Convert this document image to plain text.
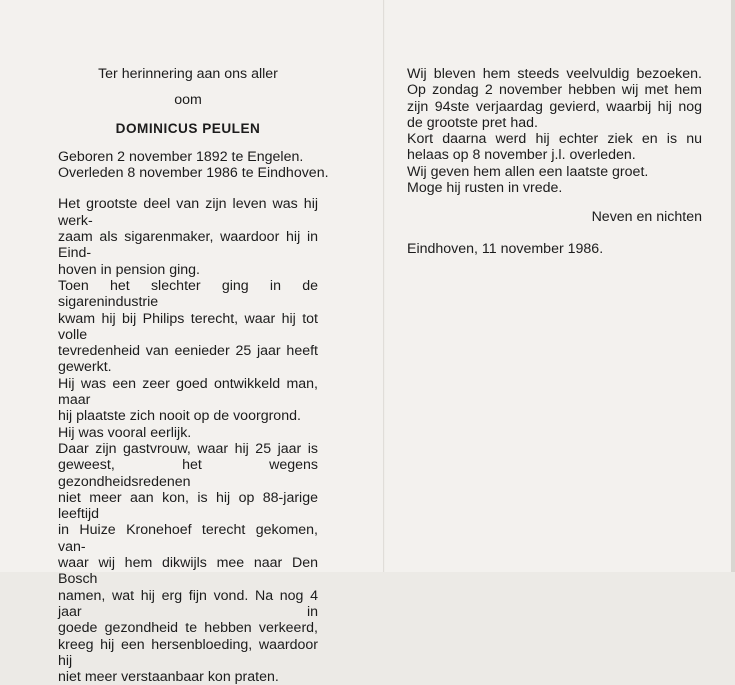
Ter herinnering aan ons aller
oom
DOMINICUS PEULEN
Geboren 2 november 1892 te Engelen.
Overleden 8 november 1986 te Eindhoven.
Het grootste deel van zijn leven was hij werk-
zaam als sigarenmaker, waardoor hij in Eind-
hoven in pension ging.
Toen het slechter ging in de sigarenindustrie
kwam hij bij Philips terecht, waar hij tot volle
tevredenheid van eenieder 25 jaar heeft
gewerkt.
Hij was een zeer goed ontwikkeld man, maar
hij plaatste zich nooit op de voorgrond.
Hij was vooral eerlijk.
Daar zijn gastvrouw, waar hij 25 jaar is
geweest, het wegens gezondheidsredenen
niet meer aan kon, is hij op 88-jarige leeftijd
in Huize Kronehoef terecht gekomen, van-
waar wij hem dikwijls mee naar Den Bosch
namen, wat hij erg fijn vond. Na nog 4 jaar in
goede gezondheid te hebben verkeerd,
kreeg hij een hersenbloeding, waardoor hij
niet meer verstaanbaar kon praten.
Wij bleven hem steeds veelvuldig bezoeken.
Op zondag 2 november hebben wij met hem
zijn 94ste verjaardag gevierd, waarbij hij nog
de grootste pret had.
Kort daarna werd hij echter ziek en is nu
helaas op 8 november j.l. overleden.
Wij geven hem allen een laatste groet.
Moge hij rusten in vrede.
Neven en nichten
Eindhoven, 11 november 1986.
